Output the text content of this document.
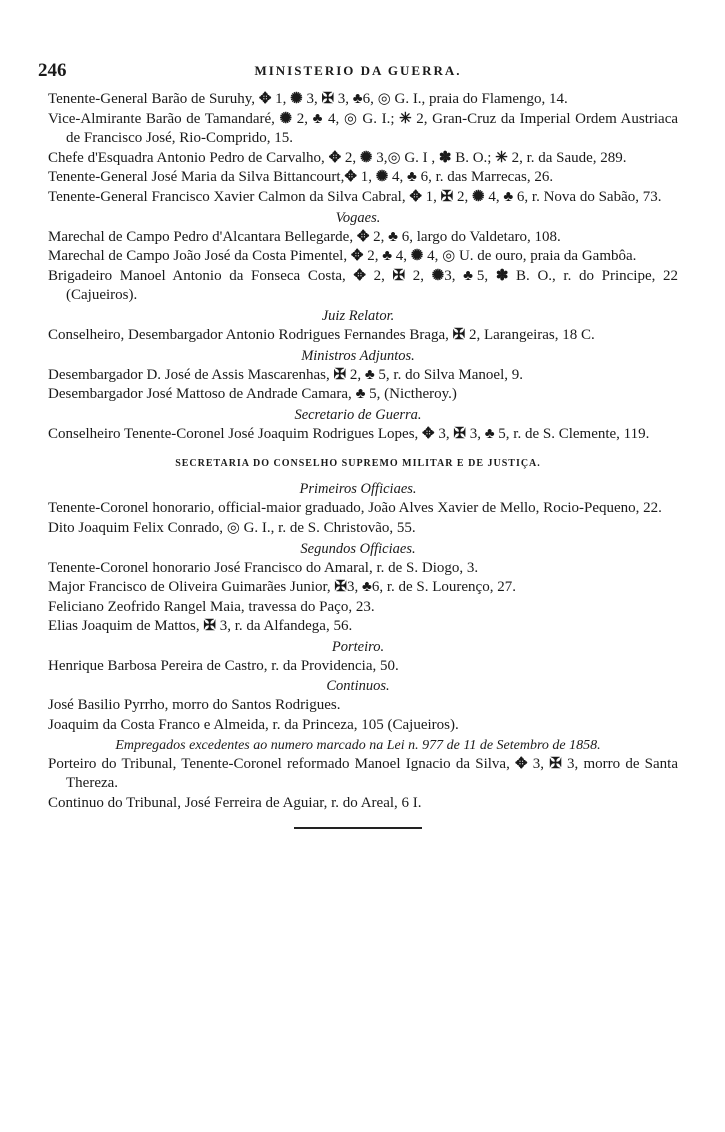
246	MINISTERIO DA GUERRA.
Tenente-General Barão de Suruhy, ✥ 1, ✺ 3, ✠ 3, ♣6, ◎ G. I., praia do Flamengo, 14.
Vice-Almirante Barão de Tamandaré, ✺ 2, ♣ 4, ◎ G. I.; ✳ 2, Gran-Cruz da Imperial Ordem Austriaca de Francisco José, Rio-Comprido, 15.
Chefe d'Esquadra Antonio Pedro de Carvalho, ✥ 2, ✺ 3,◎ G. I , ✽ B. O.; ✳ 2, r. da Saude, 289.
Tenente-General José Maria da Silva Bittancourt,✥ 1, ✺ 4, ♣ 6, r. das Marrecas, 26.
Tenente-General Francisco Xavier Calmon da Silva Cabral, ✥ 1, ✠ 2, ✺ 4, ♣ 6, r. Nova do Sabão, 73.
Vogaes.
Marechal de Campo Pedro d'Alcantara Bellegarde, ✥ 2, ♣ 6, largo do Valdetaro, 108.
Marechal de Campo João José da Costa Pimentel, ✥ 2, ♣ 4, ✺ 4, ◎ U. de ouro, praia da Gambôa.
Brigadeiro Manoel Antonio da Fonseca Costa, ✥ 2, ✠ 2, ✺3, ♣5, ✽ B. O., r. do Principe, 22 (Cajueiros).
Juiz Relator.
Conselheiro, Desembargador Antonio Rodrigues Fernandes Braga, ✠ 2, Larangeiras, 18 C.
Ministros Adjuntos.
Desembargador D. José de Assis Mascarenhas, ✠ 2, ♣ 5, r. do Silva Manoel, 9.
Desembargador José Mattoso de Andrade Camara, ♣ 5, (Nictheroy.)
Secretario de Guerra.
Conselheiro Tenente-Coronel José Joaquim Rodrigues Lopes, ✥ 3, ✠ 3, ♣ 5, r. de S. Clemente, 119.
SECRETARIA DO CONSELHO SUPREMO MILITAR E DE JUSTIÇA.
Primeiros Officiaes.
Tenente-Coronel honorario, official-maior graduado, João Alves Xavier de Mello, Rocio-Pequeno, 22.
Dito Joaquim Felix Conrado, ◎ G. I., r. de S. Christovão, 55.
Segundos Officiaes.
Tenente-Coronel honorario José Francisco do Amaral, r. de S. Diogo, 3.
Major Francisco de Oliveira Guimarães Junior, ✠3, ♣6, r. de S. Lourenço, 27.
Feliciano Zeofrido Rangel Maia, travessa do Paço, 23.
Elias Joaquim de Mattos, ✠ 3, r. da Alfandega, 56.
Porteiro.
Henrique Barbosa Pereira de Castro, r. da Providencia, 50.
Continuos.
José Basilio Pyrrho, morro do Santos Rodrigues.
Joaquim da Costa Franco e Almeida, r. da Princeza, 105 (Cajueiros).
Empregados excedentes ao numero marcado na Lei n. 977 de 11 de Setembro de 1858.
Porteiro do Tribunal, Tenente-Coronel reformado Manoel Ignacio da Silva, ✥ 3, ✠ 3, morro de Santa Thereza.
Continuo do Tribunal, José Ferreira de Aguiar, r. do Areal, 6 I.
